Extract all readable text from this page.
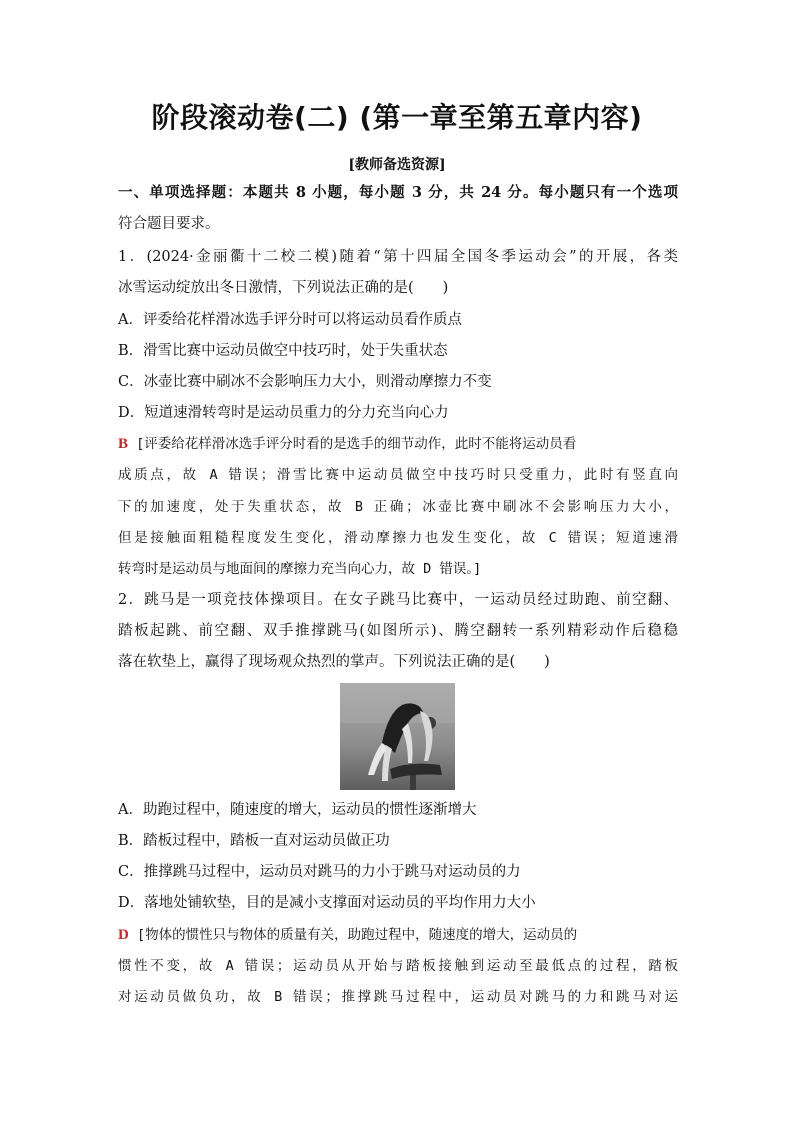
阶段滚动卷(二) (第一章至第五章内容)
[教师备选资源]
一、单项选择题：本题共 8 小题，每小题 3 分，共 24 分。每小题只有一个选项
符合题目要求。
1．(2024·金丽衢十二校二模)随着“第十四届全国冬季运动会”的开展，各类
冰雪运动绽放出冬日激情，下列说法正确的是(　　)
A．评委给花样滑冰选手评分时可以将运动员看作质点
B．滑雪比赛中运动员做空中技巧时，处于失重状态
C．冰壶比赛中刷冰不会影响压力大小，则滑动摩擦力不变
D．短道速滑转弯时是运动员重力的分力充当向心力
B  [评委给花样滑冰选手评分时看的是选手的细节动作，此时不能将运动员看
成质点，故 A 错误；滑雪比赛中运动员做空中技巧时只受重力，此时有竖直向
下的加速度，处于失重状态，故 B 正确；冰壶比赛中刷冰不会影响压力大小，
但是接触面粗糙程度发生变化，滑动摩擦力也发生变化，故 C 错误；短道速滑
转弯时是运动员与地面间的摩擦力充当向心力，故 D 错误。]
2．跳马是一项竞技体操项目。在女子跳马比赛中，一运动员经过助跑、前空翻、
踏板起跳、前空翻、双手推撑跳马(如图所示)、腾空翻转一系列精彩动作后稳稳
落在软垫上，赢得了现场观众热烈的掌声。下列说法正确的是(　　)
A．助跑过程中，随速度的增大，运动员的惯性逐渐增大
B．踏板过程中，踏板一直对运动员做正功
C．推撑跳马过程中，运动员对跳马的力小于跳马对运动员的力
D．落地处铺软垫，目的是减小支撑面对运动员的平均作用力大小
D  [物体的惯性只与物体的质量有关，助跑过程中，随速度的增大，运动员的
惯性不变，故 A 错误；运动员从开始与踏板接触到运动至最低点的过程，踏板
对运动员做负功，故 B 错误；推撑跳马过程中，运动员对跳马的力和跳马对运
